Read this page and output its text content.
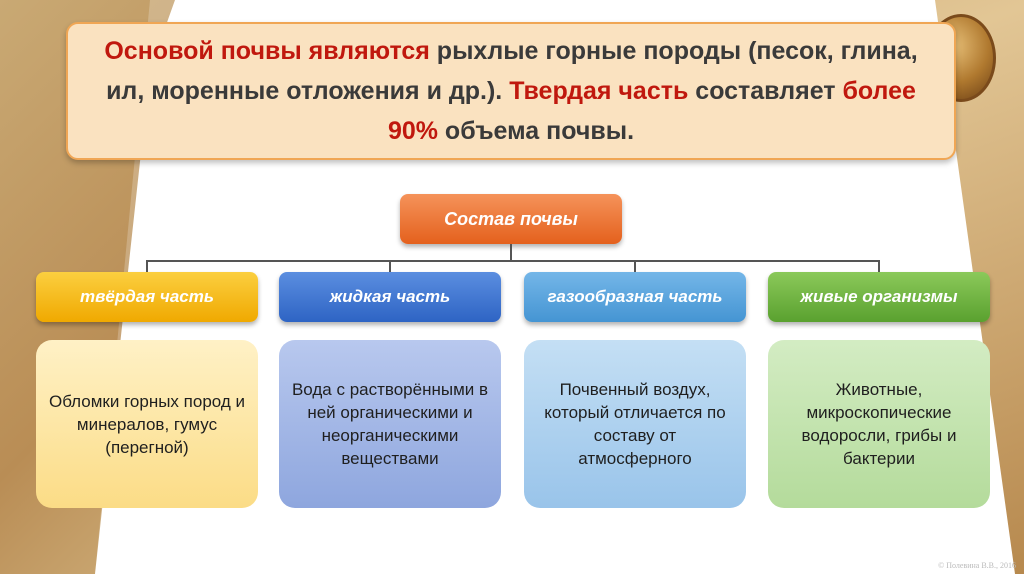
Основой почвы являются рыхлые горные породы (песок, глина, ил, моренные отложения и др.). Твердая часть составляет более 90% объема почвы.
Состав почвы
твёрдая часть	жидкая часть	газообразная часть	живые организмы
Обломки горных пород и минералов, гумус (перегной)
Вода с растворёнными в ней органическими и неорганическими веществами
Почвенный воздух, который отличается по составу от атмосферного
Животные, микроскопические водоросли, грибы и бактерии
© Полевина В.В., 2016
